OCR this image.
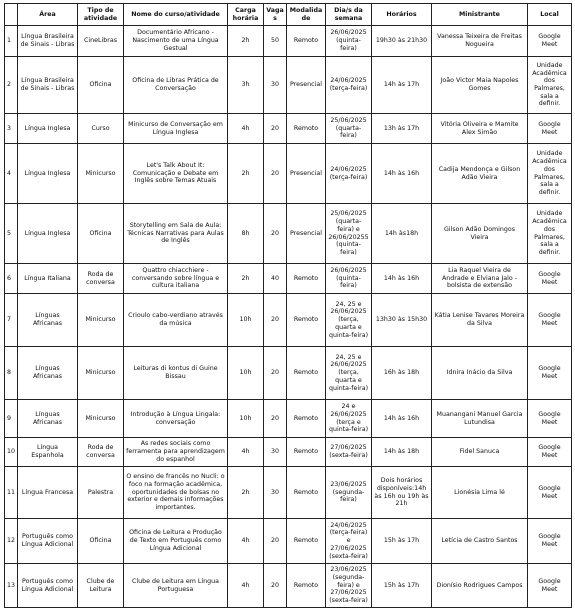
	Área	Tipo de atividade	Nome do curso/atividade	Carga horária	Vagas	Modalidade	Dia/s da semana	Horários	Ministrante	Local
1	Língua Brasileira de Sinais - Libras	CineLibras	Documentário Africano - Nascimento de uma Língua Gestual	2h	50	Remoto	26/06/2025 (quinta-feira)	19h30 às 21h30	Vanessa Teixeira de Freitas Nogueira	Google Meet
2	Língua Brasileira de Sinais - Libras	Oficina	Oficina de Libras Prática de Conversação	3h	30	Presencial	24/06/2025 (terça-feira)	14h às 17h	João Victor Maia Napoles Gomes	Unidade Acadêmica dos Palmares, sala a definir.
3	Língua Inglesa	Curso	Minicurso de Conversação em Língua Inglesa	4h	20	Remoto	25/06/2025 (quarta-feira)	13h às 17h	Vitória Oliveira e Mamite Alex Simão	Google Meet
4	Língua Inglesa	Minicurso	Let's Talk About It: Comunicação e Debate em Inglês sobre Temas Atuais	2h	20	Presencial	24/06/2025 (terça-feira)	14h às 16h	Cadija Mendonça e Gilson Adão Vieira	Unidade Acadêmica dos Palmares, sala a definir.
5	Língua Inglesa	Oficina	Storytelling em Sala de Aula: Técnicas Narrativas para Aulas de Inglês	8h	20	Presencial	25/06/2025 (quarta-feira) e 26/06/20255 (quinta-feira)	14h às18h	Gilson Adão Domingos Vieira	Unidade Acadêmica dos Palmares, sala a definir.
6	Língua Italiana	Roda de conversa	Quattro chiacchiere - conversando sobre língua e cultura italiana	2h	40	Remoto	26/06/2025 (quinta-feira)	14h às 16h	Lia Raquel Vieira de Andrade e Elviana Jalo - bolsista de extensão	Google Meet
7	Línguas Africanas	Minicurso	Crioulo cabo-verdiano através da música	10h	20	Remoto	24, 25 e 26/06/2025 (terça, quarta e quinta-feira)	13h30 às 15h30	Kátia Lenise Tavares Moreira da Silva	Google Meet
8	Línguas Africanas	Minicurso	Leituras di kontus di Guine Bissau	10h	20	Remoto	24, 25 e 26/06/2025 (terça, quarta e quinta-feira)	16h às 18h	Idnira Inácio da Silva	Google Meet
9	Línguas Africanas	Minicurso	Introdução à Língua Lingala: conversação	10h	20	Remoto	24 e 26/06/2025 (terça e quinta-feira)	14h às 16h	Muanangani Manuel Garcia Lutundisa	Google Meet
10	Língua Espanhola	Roda de conversa	As redes sociais como ferramenta para aprendizagem do espanhol	4h	30	Remoto	27/06/2025 (sexta-feira)	14h às 18h	Fidel Sanuca	Google Meet
11	Língua Francesa	Palestra	O ensino de francês no Nucli: o foco na formação acadêmica, oportunidades de bolsas no exterior e demais informações importantes.	2h	30	Remoto	23/06/2025 (segunda-feira)	Dois horários disponíveis:14h às 16h ou 19h às 21h	Lionésia Lima lé	Google Meet
12	Português como Língua Adicional	Oficina	Oficina de Leitura e Produção de Texto em Português como Língua Adicional	4h	20	Remoto	24/06/2025 (terça-feira) e 27/06/2025 (sexta-feira)	15h às 17h	Letícia de Castro Santos	Google Meet
13	Português como Língua Adicional	Clube de Leitura	Clube de Leitura em Língua Portuguesa	4h	20	Remoto	23/06/2025 (segunda-feira) e 27/06/2025 (sexta-feira)	15h às 17h	Dionísio Rodrigues Campos	Google Meet
